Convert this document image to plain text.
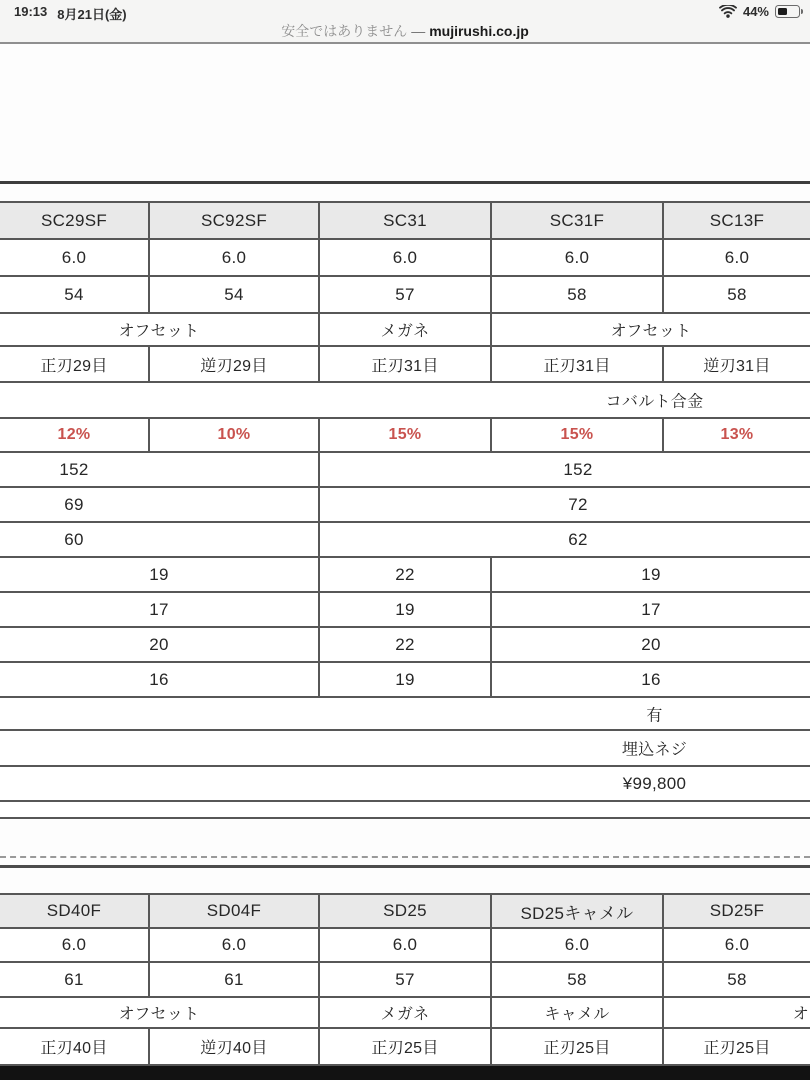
19:13 8月21日(金)	44%
安全ではありません — mujirushi.co.jp
SC29SF	SC92SF	SC31	SC31F	SC13F
6.0	6.0	6.0	6.0	6.0
54	54	57	58	58
オフセット	メガネ	オフセット
正刃29目	逆刃29目	正刃31目	正刃31目	逆刃31目
コバルト合金
12%	10%	15%	15%	13%
152	152
69	72
60	62
19	22	19
17	19	17
20	22	20
16	19	16
有
埋込ネジ
¥99,800
SD40F	SD04F	SD25	SD25キャメル	SD25F
6.0	6.0	6.0	6.0	6.0
61	61	57	58	58
オフセット	メガネ	キャメル	オ
正刃40目	逆刃40目	正刃25目	正刃25目	正刃25目
